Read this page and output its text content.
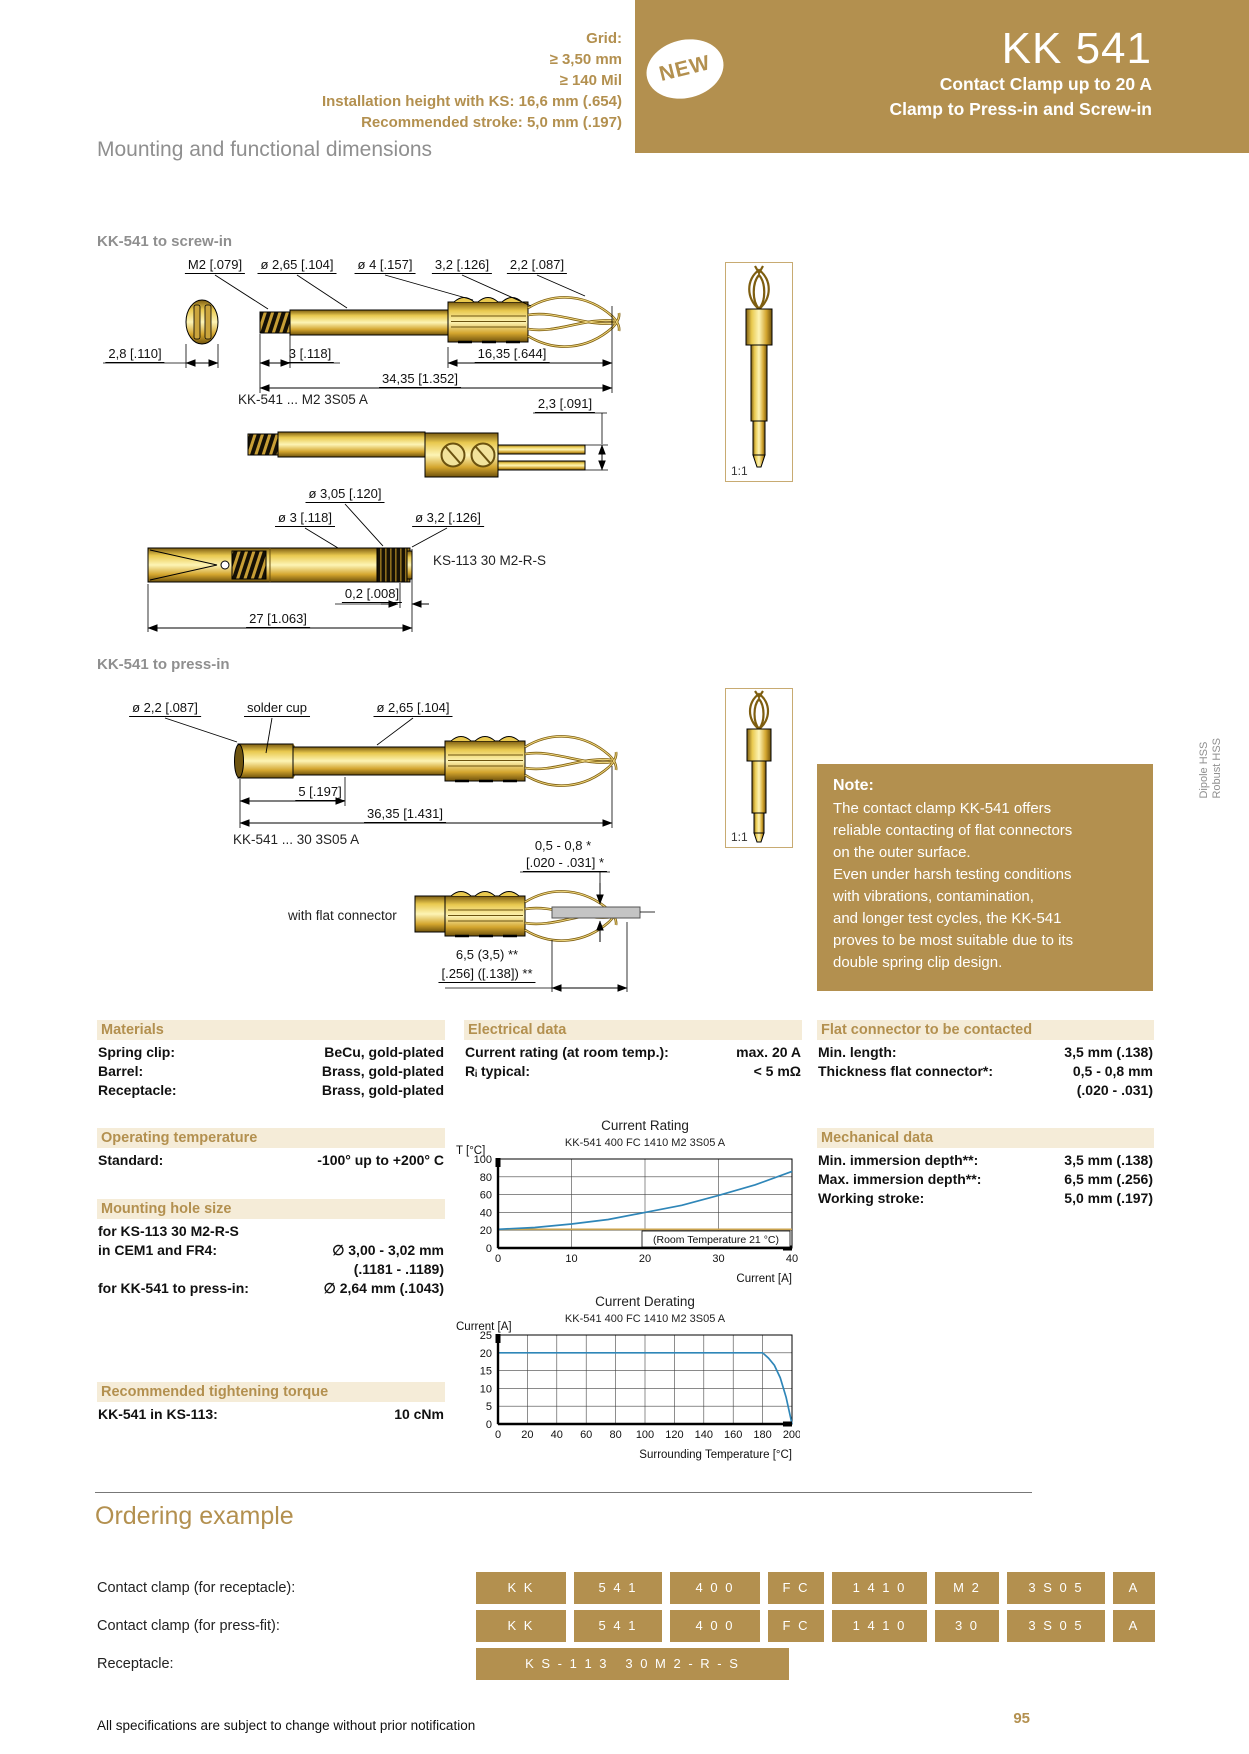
Grid:
≥ 3,50 mm
≥ 140 Mil
Installation height with KS: 16,6 mm (.654)
Recommended stroke: 5,0 mm (.197)
KK 541
Contact Clamp up to 20 A
Clamp to Press-in and Screw-in
NEW
Mounting and functional dimensions
KK-541 to screw-in
KK-541 to press-in
M2 [.079] ø 2,65 [.104] ø 4 [.157] 3,2 [.126] 2,2 [.087]
2,8 [.110]	3 [.118]	16,35 [.644]
34,35 [1.352]
KK-541 ... M2 3S05 A	2,3 [.091]
ø 3,05 [.120]
ø 3 [.118]	ø 3,2 [.126]
KS-113 30 M2-R-S
0,2 [.008]
27 [1.063]
ø 2,2 [.087]	solder cup	ø 2,65 [.104]
5 [.197]
36,35 [1.431]
KK-541 ... 30 3S05 A	0,5 - 0,8 *
[.020 - .031] *
with flat connector
6,5 (3,5) **
[.256] ([.138]) **
1:1
1:1
Note:
The contact clamp KK-541 offers
reliable contacting of flat connectors
on the outer surface.
Even under harsh testing conditions
with vibrations, contamination,
and longer test cycles, the KK-541
proves to be most suitable due to its
double spring clip design.
Dipole HSS Robust HSS
Materials
Spring clip:	BeCu, gold-plated
Barrel:	Brass, gold-plated
Receptacle:	Brass, gold-plated
Electrical data
Current rating (at room temp.):	max. 20 A
Rᵢ typical:	< 5 mΩ
Flat connector to be contacted
Min. length:	3,5 mm (.138)
Thickness flat connector*:	0,5 - 0,8 mm
(.020 - .031)
Operating temperature
Standard:	-100° up to +200° C
Mounting hole size
for KS-113 30 M2-R-S
in CEM1 and FR4:	∅ 3,00 - 3,02 mm
(.1181 - .1189)
for KK-541 to press-in:	∅ 2,64 mm (.1043)
Mechanical data
Min. immersion depth**:	3,5 mm (.138)
Max. immersion depth**:	6,5 mm (.256)
Working stroke:	5,0 mm (.197)
Recommended tightening torque
KK-541 in KS-113:	10 cNm
Current Rating
KK-541 400 FC 1410 M2 3S05 A
T [°C]
0
20
40
60
80
100
0	10	20	30	40
(Room Temperature 21 °C)
Current [A]
Current Derating
KK-541 400 FC 1410 M2 3S05 A
Current [A]
0
5
10
15
20
25
0 20 40 60 80 100 120 140 160 180 200
Surrounding Temperature [°C]
Ordering example
All specifications are subject to change without prior notification	95
Contact clamp (for receptacle):	K K	5 4 1	4 0 0	F C	1 4 1 0	M 2	3 S 0 5	A
Contact clamp (for press-fit):	K K	5 4 1	4 0 0	F C	1 4 1 0	3 0	3 S 0 5	A
Receptacle:	K S - 1 1 3   3 0 M 2 - R - S
